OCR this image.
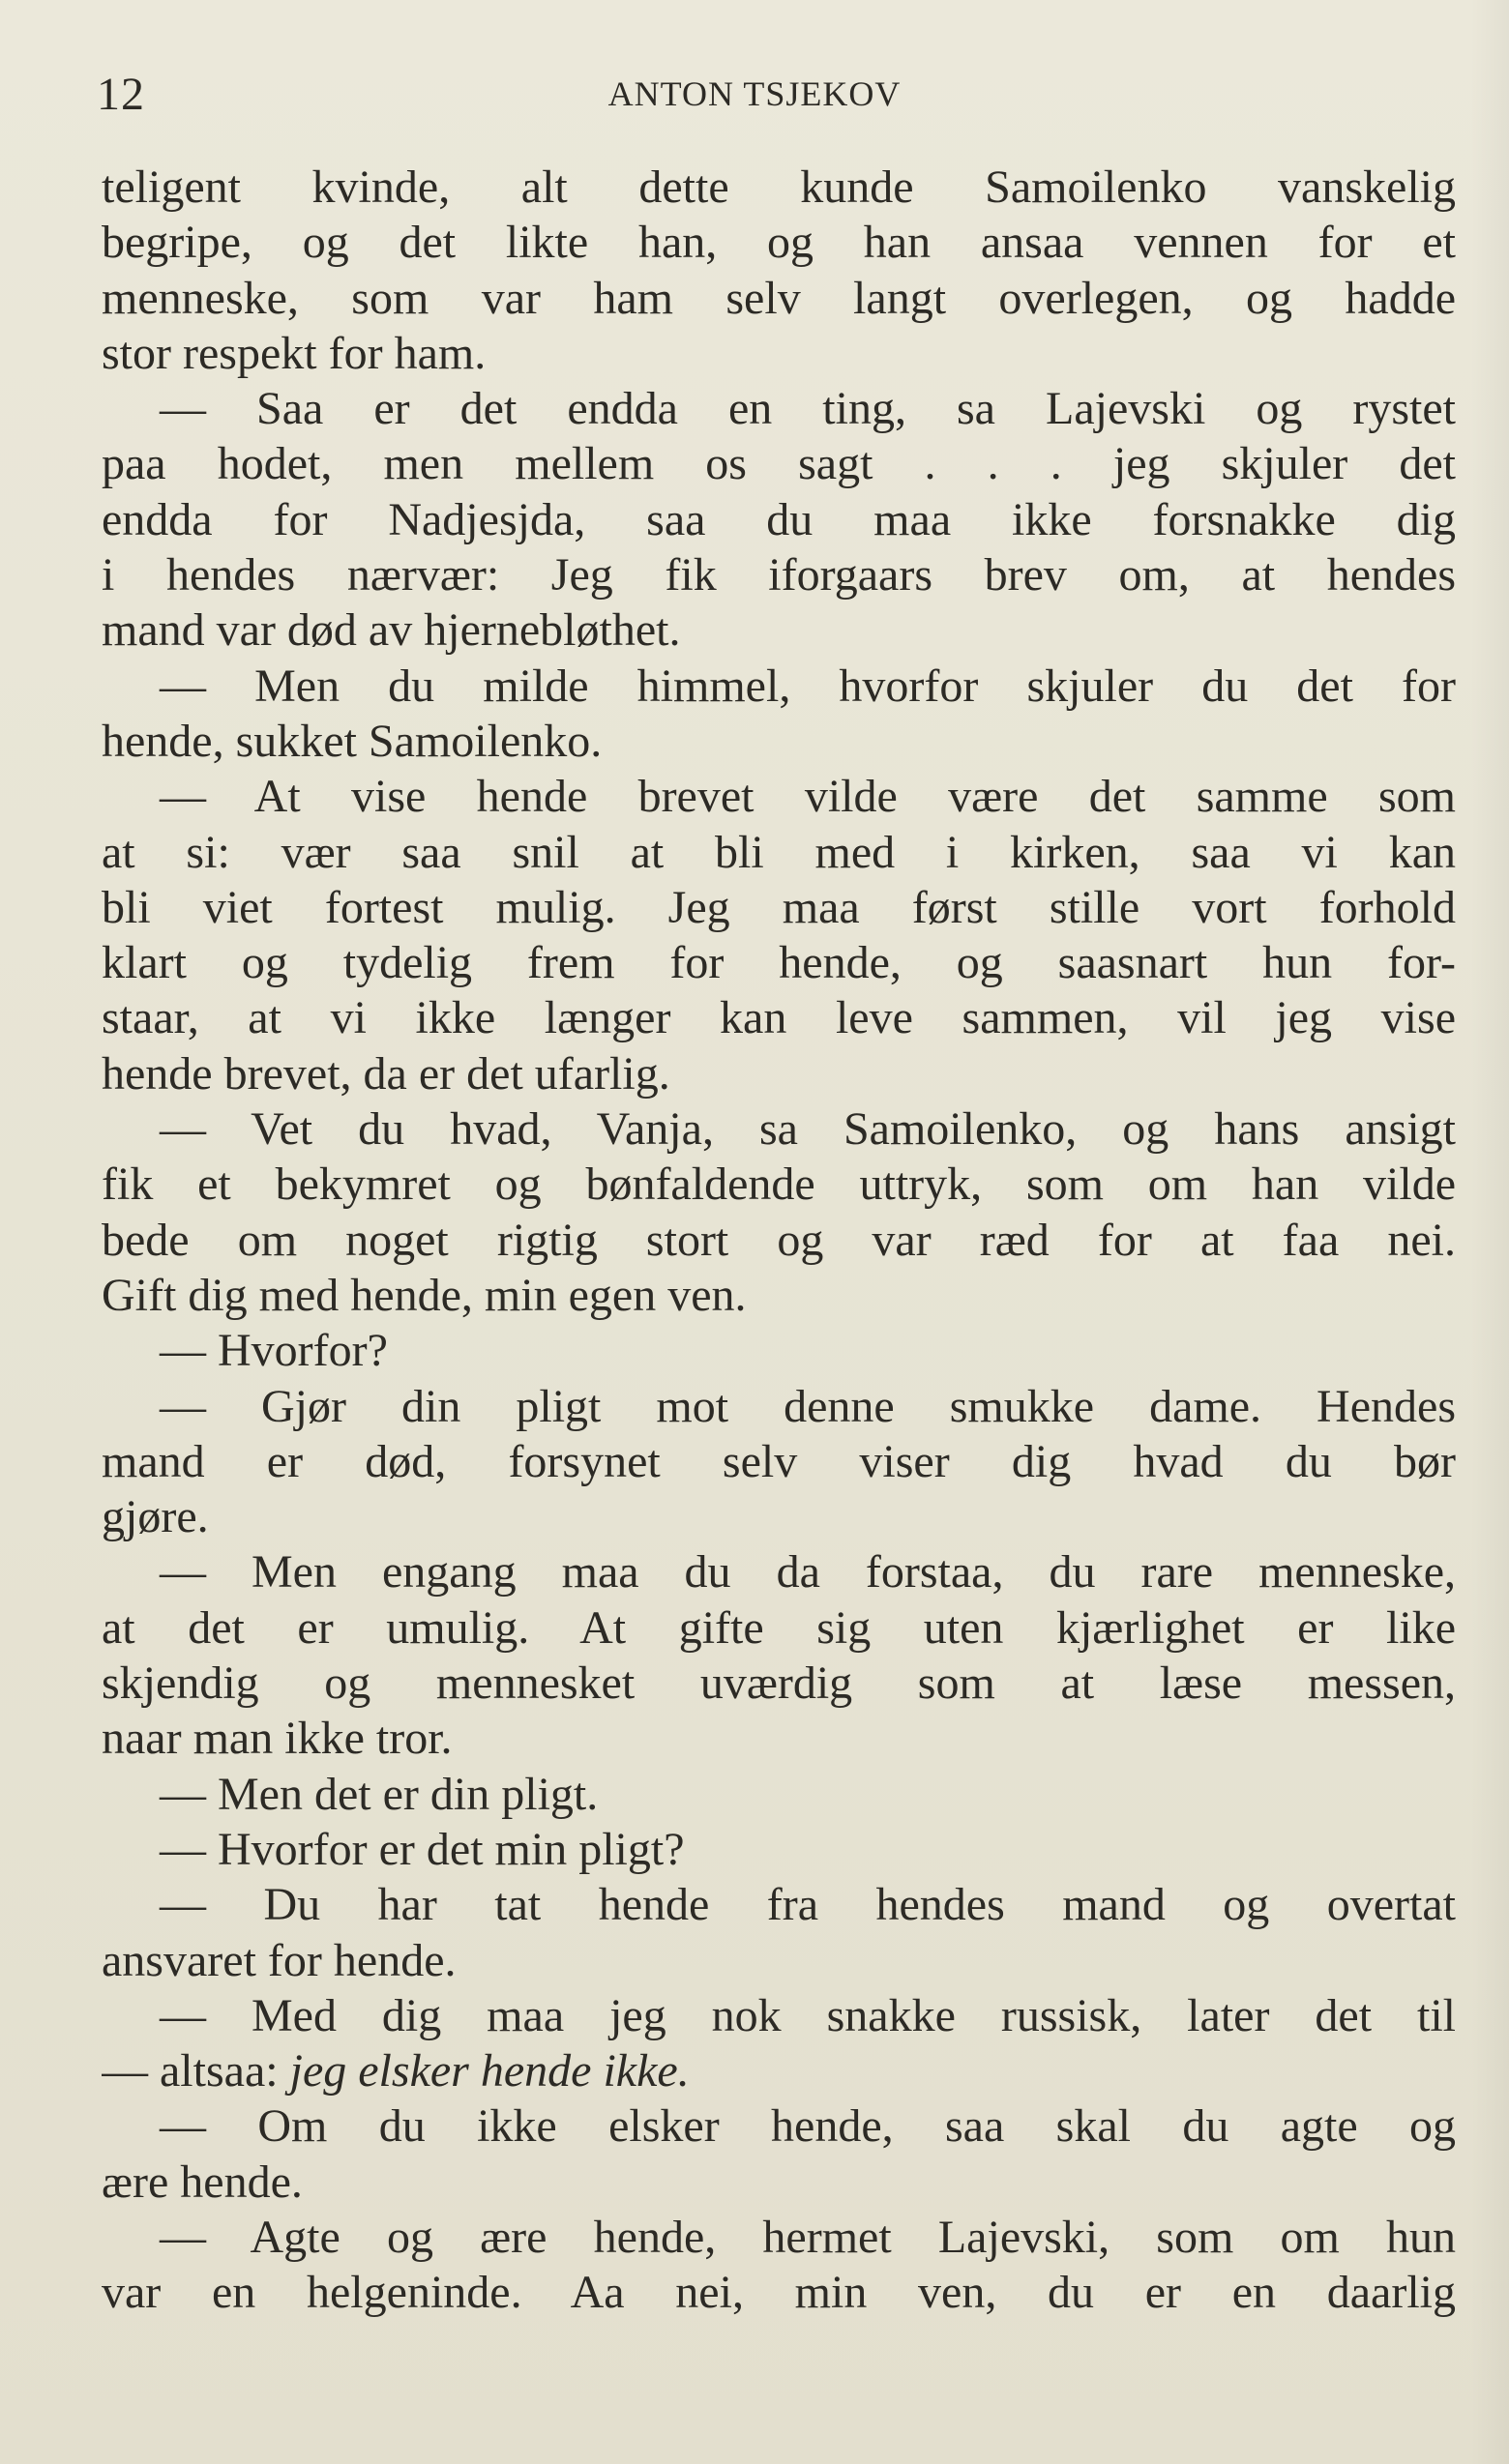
12	ANTON TSJEKOV
teligent kvinde, alt dette kunde Samoilenko vanskelig
begripe, og det likte han, og han ansaa vennen for et
menneske, som var ham selv langt overlegen, og hadde
stor respekt for ham.
— Saa er det endda en ting, sa Lajevski og rystet
paa hodet, men mellem os sagt . . . jeg skjuler det
endda for Nadjesjda, saa du maa ikke forsnakke dig
i hendes nærvær: Jeg fik iforgaars brev om, at hendes
mand var død av hjernebløthet.
— Men du milde himmel, hvorfor skjuler du det for
hende, sukket Samoilenko.
— At vise hende brevet vilde være det samme som
at si: vær saa snil at bli med i kirken, saa vi kan
bli viet fortest mulig. Jeg maa først stille vort forhold
klart og tydelig frem for hende, og saasnart hun for-
staar, at vi ikke længer kan leve sammen, vil jeg vise
hende brevet, da er det ufarlig.
— Vet du hvad, Vanja, sa Samoilenko, og hans ansigt
fik et bekymret og bønfaldende uttryk, som om han vilde
bede om noget rigtig stort og var ræd for at faa nei.
Gift dig med hende, min egen ven.
— Hvorfor?
— Gjør din pligt mot denne smukke dame. Hendes
mand er død, forsynet selv viser dig hvad du bør
gjøre.
— Men engang maa du da forstaa, du rare menneske,
at det er umulig. At gifte sig uten kjærlighet er like
skjendig og mennesket uværdig som at læse messen,
naar man ikke tror.
— Men det er din pligt.
— Hvorfor er det min pligt?
— Du har tat hende fra hendes mand og overtat
ansvaret for hende.
— Med dig maa jeg nok snakke russisk, later det til
— altsaa: jeg elsker hende ikke.
— Om du ikke elsker hende, saa skal du agte og
ære hende.
— Agte og ære hende, hermet Lajevski, som om hun
var en helgeninde. Aa nei, min ven, du er en daarlig
